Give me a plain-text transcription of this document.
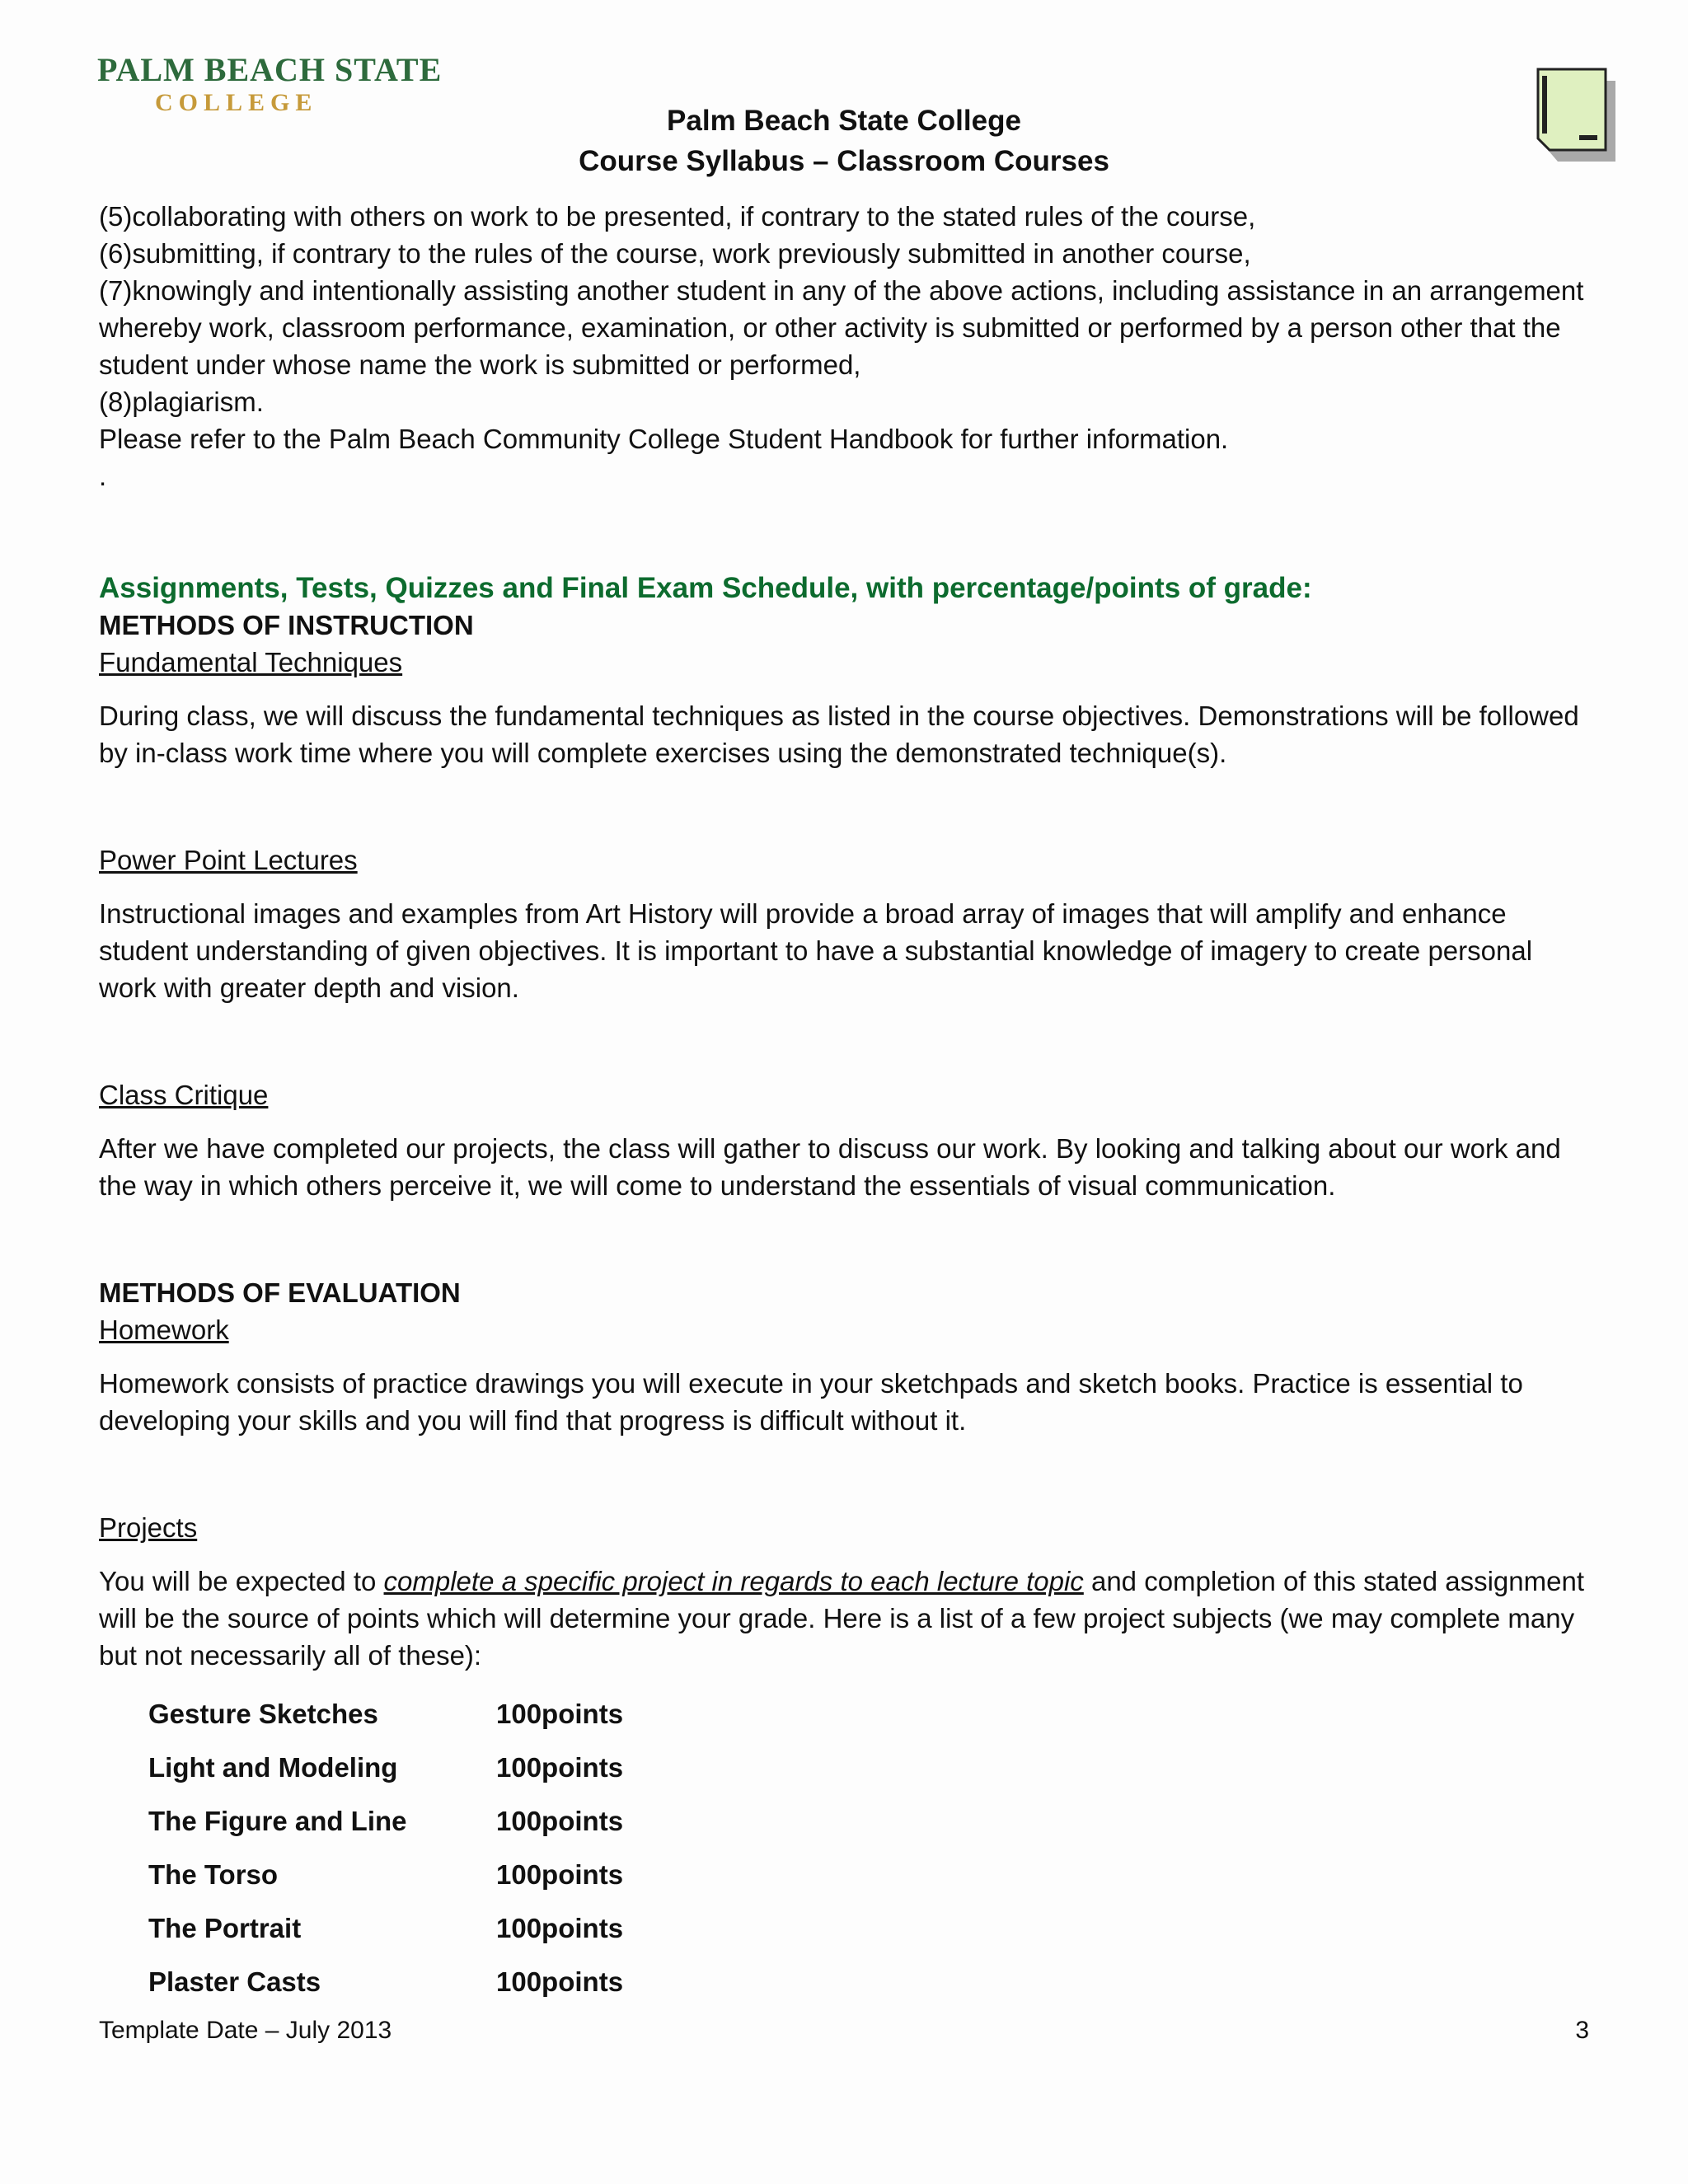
PALM BEACH STATE
COLLEGE
Palm Beach State College
Course Syllabus – Classroom Courses

(5)collaborating with others on work to be presented, if contrary to the stated rules of the course,

(6)submitting, if contrary to the rules of the course, work previously submitted in another course,

(7)knowingly and intentionally assisting another student in any of the above actions, including assistance in an arrangement whereby work, classroom performance, examination, or other activity is submitted or performed by a person other that the student under whose name the work is submitted or performed,

(8)plagiarism.

Please refer to the Palm Beach Community College Student Handbook for further information.

.

Assignments, Tests, Quizzes and Final Exam Schedule, with percentage/points of grade:

METHODS OF INSTRUCTION

Fundamental Techniques

During class, we will discuss the fundamental techniques as listed in the course objectives. Demonstrations will be followed by in-class work time where you will complete exercises using the demonstrated technique(s).

Power Point Lectures

Instructional images and examples from Art History will provide a broad array of images that will amplify and enhance student understanding of given objectives. It is important to have a substantial knowledge of imagery to create personal work with greater depth and vision.

Class Critique

After we have completed our projects, the class will gather to discuss our work. By looking and talking about our work and the way in which others perceive it, we will come to understand the essentials of visual communication.

METHODS OF EVALUATION

Homework

Homework consists of practice drawings you will execute in your sketchpads and sketch books. Practice is essential to developing your skills and you will find that progress is difficult without it.

Projects

You will be expected to complete a specific project in regards to each lecture topic and completion of this stated assignment will be the source of points which will determine your grade. Here is a list of a few project subjects (we may complete many but not necessarily all of these):

Gesture Sketches	100points
Light and Modeling	100points
The Figure and Line	100points
The Torso	100points
The Portrait	100points
Plaster Casts	100points
Template Date – July 2013	3
